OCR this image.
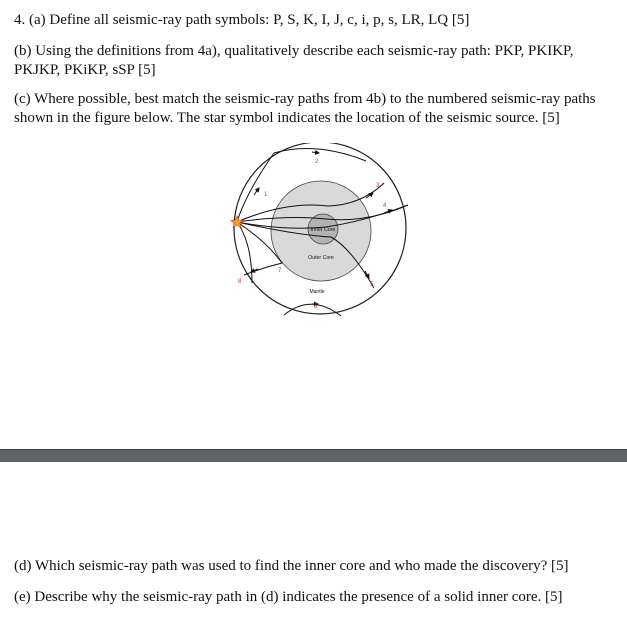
4. (a) Define all seismic-ray path symbols: P, S, K, I, J, c, i, p, s, LR, LQ [5]

(b) Using the definitions from 4a), qualitatively describe each seismic-ray path: PKP, PKIKP, PKJKP, PKiKP, sSP [5]

(c) Where possible, best match the seismic-ray paths from 4b) to the numbered seismic-ray paths shown in the figure below. The star symbol indicates the location of the seismic source. [5]

Inner Core
Outer Core
Mantle
1
2
3
4
5
6
7
8

(d) Which seismic-ray path was used to find the inner core and who made the discovery? [5]

(e) Describe why the seismic-ray path in (d) indicates the presence of a solid inner core. [5]
